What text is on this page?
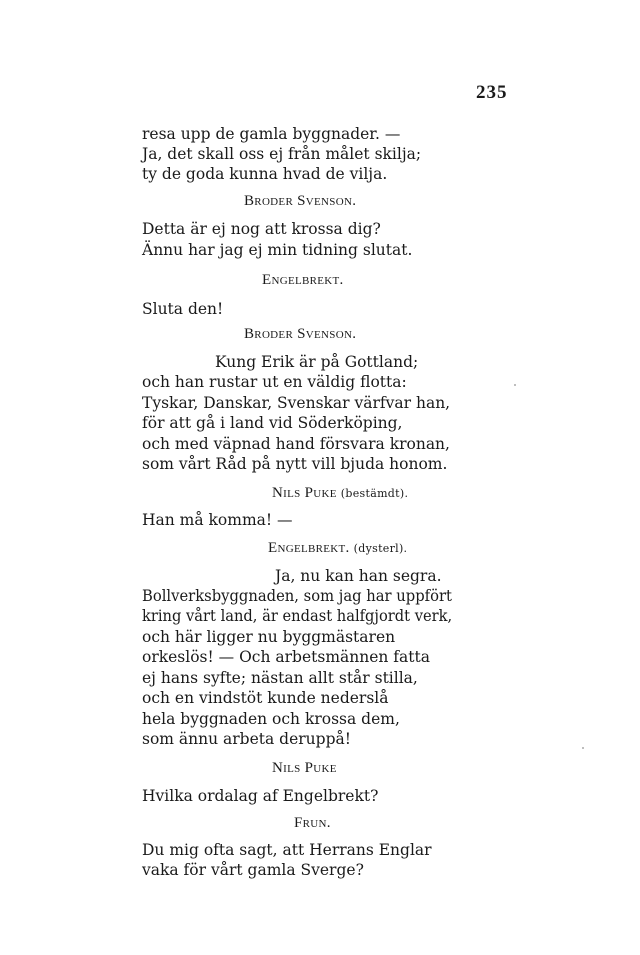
235
resa upp de gamla byggnader. —
Ja, det skall oss ej från målet skilja;
ty de goda kunna hvad de vilja.
Broder Svenson.
Detta är ej nog att krossa dig?
Ännu har jag ej min tidning slutat.
Engelbrekt.
Sluta den!
Broder Svenson.
Kung Erik är på Gottland;
och han rustar ut en väldig flotta:
Tyskar, Danskar, Svenskar värfvar han,
för att gå i land vid Söderköping,
och med väpnad hand försvara kronan,
som vårt Råd på nytt vill bjuda honom.
Nils Puke (bestämdt).
Han må komma! —
Engelbrekt. (dysterl).
Ja, nu kan han segra.
Bollverksbyggnaden, som jag har uppfört
kring vårt land, är endast halfgjordt verk,
och här ligger nu byggmästaren
orkeslös! — Och arbetsmännen fatta
ej hans syfte; nästan allt står stilla,
och en vindstöt kunde nederslå
hela byggnaden och krossa dem,
som ännu arbeta deruppå!
Nils Puke
Hvilka ordalag af Engelbrekt?
Frun.
Du mig ofta sagt, att Herrans Englar
vaka för vårt gamla Sverge?
